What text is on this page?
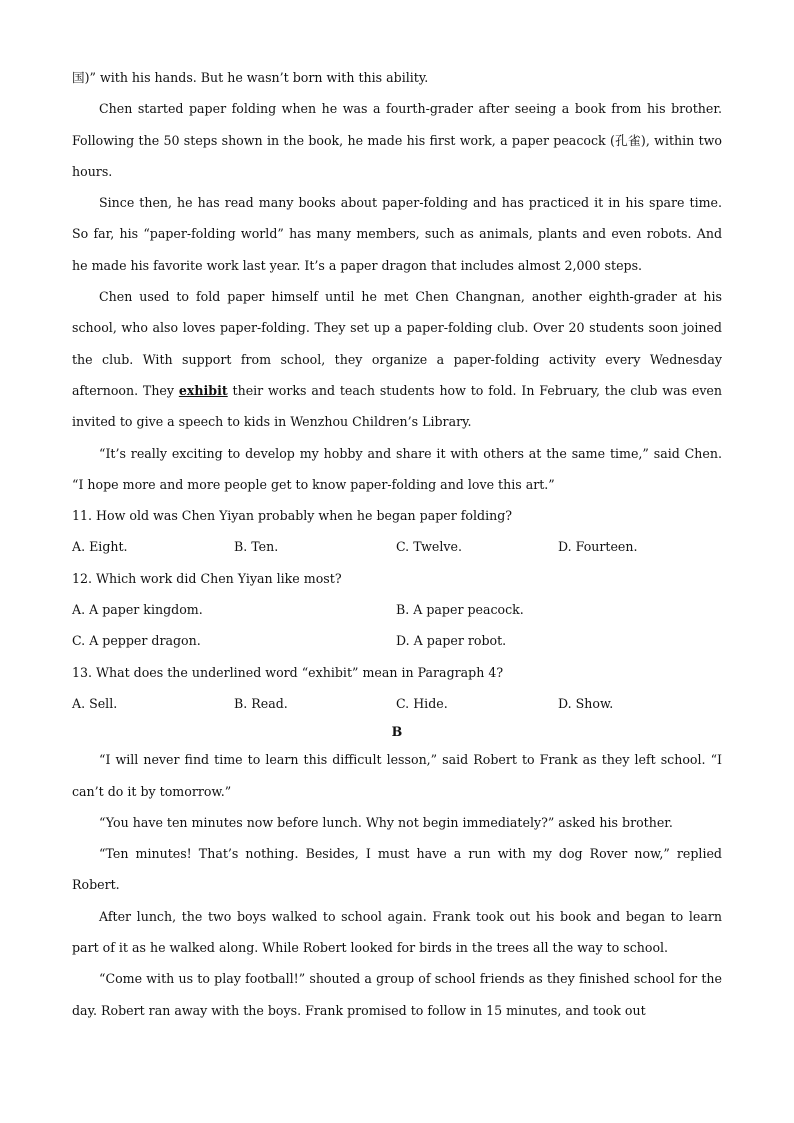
国)” with his hands. But he wasn’t born with this ability.

Chen started paper folding when he was a fourth-grader after seeing a book from his brother. Following the 50 steps shown in the book, he made his first work, a paper peacock (孔雀), within two hours.

Since then, he has read many books about paper-folding and has practiced it in his spare time. So far, his “paper-folding world” has many members, such as animals, plants and even robots. And he made his favorite work last year. It’s a paper dragon that includes almost 2,000 steps.

Chen used to fold paper himself until he met Chen Changnan, another eighth-grader at his school, who also loves paper-folding. They set up a paper-folding club. Over 20 students soon joined the club. With support from school, they organize a paper-folding activity every Wednesday afternoon. They exhibit their works and teach students how to fold. In February, the club was even invited to give a speech to kids in Wenzhou Children’s Library.

“It’s really exciting to develop my hobby and share it with others at the same time,” said Chen. “I hope more and more people get to know paper-folding and love this art.”

11. How old was Chen Yiyan probably when he began paper folding?

A. Eight.	B. Ten.	C. Twelve.	D. Fourteen.

12. Which work did Chen Yiyan like most?

A. A paper kingdom.	B. A paper peacock.
C. A pepper dragon.	D. A paper robot.

13. What does the underlined word “exhibit” mean in Paragraph 4?

A. Sell.	B. Read.	C. Hide.	D. Show.

B

“I will never find time to learn this difficult lesson,” said Robert to Frank as they left school. “I can’t do it by tomorrow.”

“You have ten minutes now before lunch. Why not begin immediately?” asked his brother.

“Ten minutes! That’s nothing. Besides, I must have a run with my dog Rover now,” replied Robert.

After lunch, the two boys walked to school again. Frank took out his book and began to learn part of it as he walked along. While Robert looked for birds in the trees all the way to school.

“Come with us to play football!” shouted a group of school friends as they finished school for the day. Robert ran away with the boys. Frank promised to follow in 15 minutes, and took out
